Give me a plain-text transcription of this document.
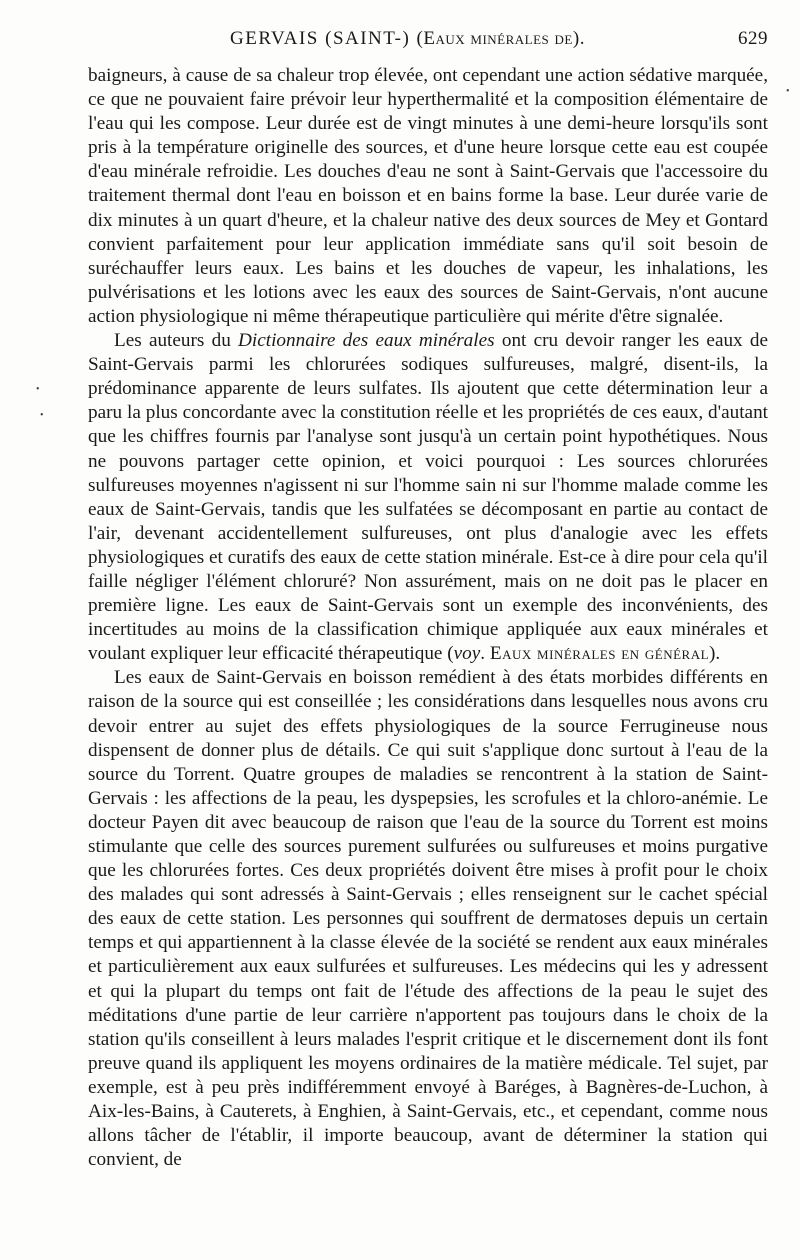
GERVAIS (SAINT-) (Eaux minérales de).	629

baigneurs, à cause de sa chaleur trop élevée, ont cependant une action sédative marquée, ce que ne pouvaient faire prévoir leur hyperthermalité et la composition élémentaire de l'eau qui les compose. Leur durée est de vingt minutes à une demi-heure lorsqu'ils sont pris à la température originelle des sources, et d'une heure lorsque cette eau est coupée d'eau minérale refroidie. Les douches d'eau ne sont à Saint-Gervais que l'accessoire du traitement thermal dont l'eau en boisson et en bains forme la base. Leur durée varie de dix minutes à un quart d'heure, et la chaleur native des deux sources de Mey et Gontard convient parfaitement pour leur application immédiate sans qu'il soit besoin de suréchauffer leurs eaux. Les bains et les douches de vapeur, les inhalations, les pulvérisations et les lotions avec les eaux des sources de Saint-Gervais, n'ont aucune action physiologique ni même thérapeutique particulière qui mérite d'être signalée.

Les auteurs du Dictionnaire des eaux minérales ont cru devoir ranger les eaux de Saint-Gervais parmi les chlorurées sodiques sulfureuses, malgré, disent-ils, la prédominance apparente de leurs sulfates. Ils ajoutent que cette détermination leur a paru la plus concordante avec la constitution réelle et les propriétés de ces eaux, d'autant que les chiffres fournis par l'analyse sont jusqu'à un certain point hypothétiques. Nous ne pouvons partager cette opinion, et voici pourquoi : Les sources chlorurées sulfureuses moyennes n'agissent ni sur l'homme sain ni sur l'homme malade comme les eaux de Saint-Gervais, tandis que les sulfatées se décomposant en partie au contact de l'air, devenant accidentellement sulfureuses, ont plus d'analogie avec les effets physiologiques et curatifs des eaux de cette station minérale. Est-ce à dire pour cela qu'il faille négliger l'élément chloruré? Non assurément, mais on ne doit pas le placer en première ligne. Les eaux de Saint-Gervais sont un exemple des inconvénients, des incertitudes au moins de la classification chimique appliquée aux eaux minérales et voulant expliquer leur efficacité thérapeutique (voy. Eaux minérales en général).

Les eaux de Saint-Gervais en boisson remédient à des états morbides différents en raison de la source qui est conseillée ; les considérations dans lesquelles nous avons cru devoir entrer au sujet des effets physiologiques de la source Ferrugineuse nous dispensent de donner plus de détails. Ce qui suit s'applique donc surtout à l'eau de la source du Torrent. Quatre groupes de maladies se rencontrent à la station de Saint-Gervais : les affections de la peau, les dyspepsies, les scrofules et la chloro-anémie. Le docteur Payen dit avec beaucoup de raison que l'eau de la source du Torrent est moins stimulante que celle des sources purement sulfurées ou sulfureuses et moins purgative que les chlorurées fortes. Ces deux propriétés doivent être mises à profit pour le choix des malades qui sont adressés à Saint-Gervais ; elles renseignent sur le cachet spécial des eaux de cette station. Les personnes qui souffrent de dermatoses depuis un certain temps et qui appartiennent à la classe élevée de la société se rendent aux eaux minérales et particulièrement aux eaux sulfurées et sulfureuses. Les médecins qui les y adressent et qui la plupart du temps ont fait de l'étude des affections de la peau le sujet des méditations d'une partie de leur carrière n'apportent pas toujours dans le choix de la station qu'ils conseillent à leurs malades l'esprit critique et le discernement dont ils font preuve quand ils appliquent les moyens ordinaires de la matière médicale. Tel sujet, par exemple, est à peu près indifféremment envoyé à Baréges, à Bagnères-de-Luchon, à Aix-les-Bains, à Cauterets, à Enghien, à Saint-Gervais, etc., et cependant, comme nous allons tâcher de l'établir, il importe beaucoup, avant de déterminer la station qui convient, de

•
•
•
